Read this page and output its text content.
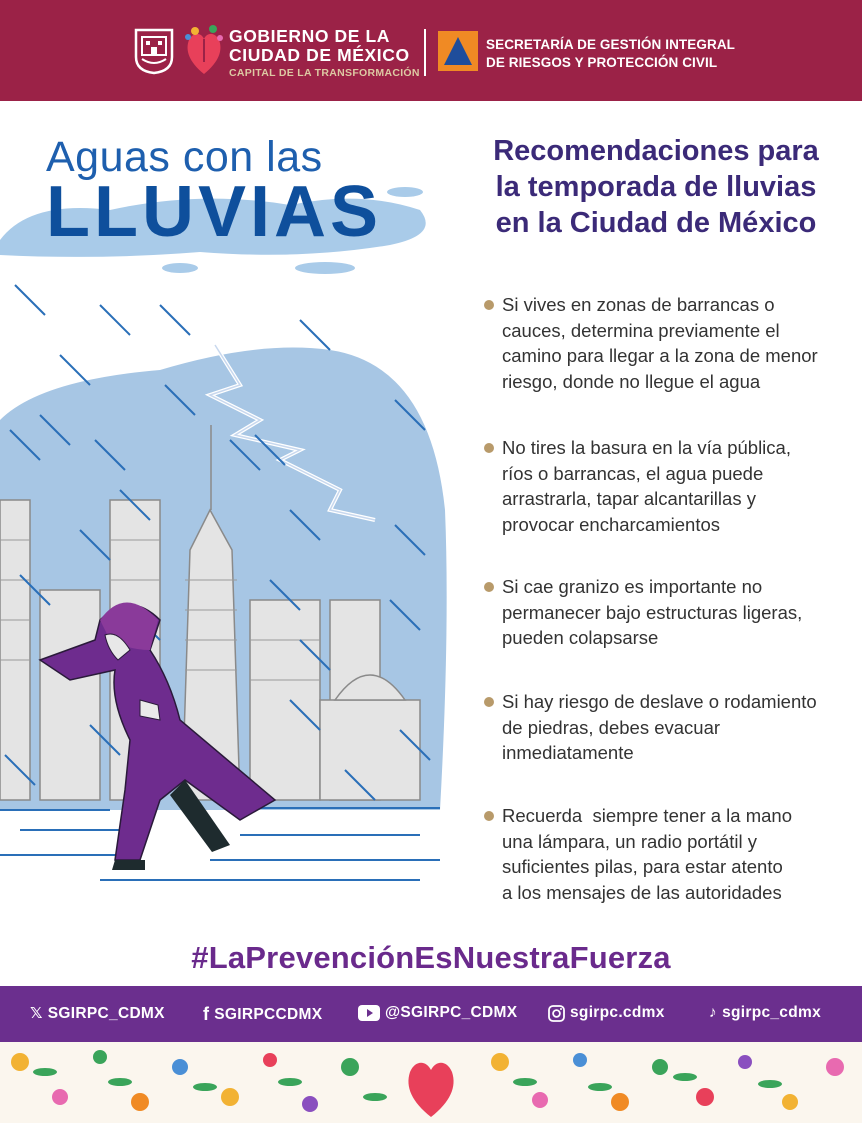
GOBIERNO DE LA
CIUDAD DE MÉXICO
CAPITAL DE LA TRANSFORMACIÓN
SECRETARÍA DE GESTIÓN INTEGRAL
DE RIESGOS Y PROTECCIÓN CIVIL
Aguas con las
LLUVIAS
Recomendaciones para
la temporada de lluvias
en la Ciudad de México
Si vives en zonas de barrancas o
cauces, determina previamente el
camino para llegar a la zona de menor
riesgo, donde no llegue el agua
No tires la basura en la vía pública,
ríos o barrancas, el agua puede
arrastrarla, tapar alcantarillas y
provocar encharcamientos
Si cae granizo es importante no
permanecer bajo estructuras ligeras,
pueden colapsarse
Si hay riesgo de deslave o rodamiento
de piedras, debes evacuar
inmediatamente
Recuerda  siempre tener a la mano
una lámpara, un radio portátil y
suficientes pilas, para estar atento
a los mensajes de las autoridades
#LaPrevenciónEsNuestraFuerza
𝕏 SGIRPC_CDMX f SGIRPCCDMX	@SGIRPC_CDMX	sgirpc.cdmx	♪ sgirpc_cdmx
